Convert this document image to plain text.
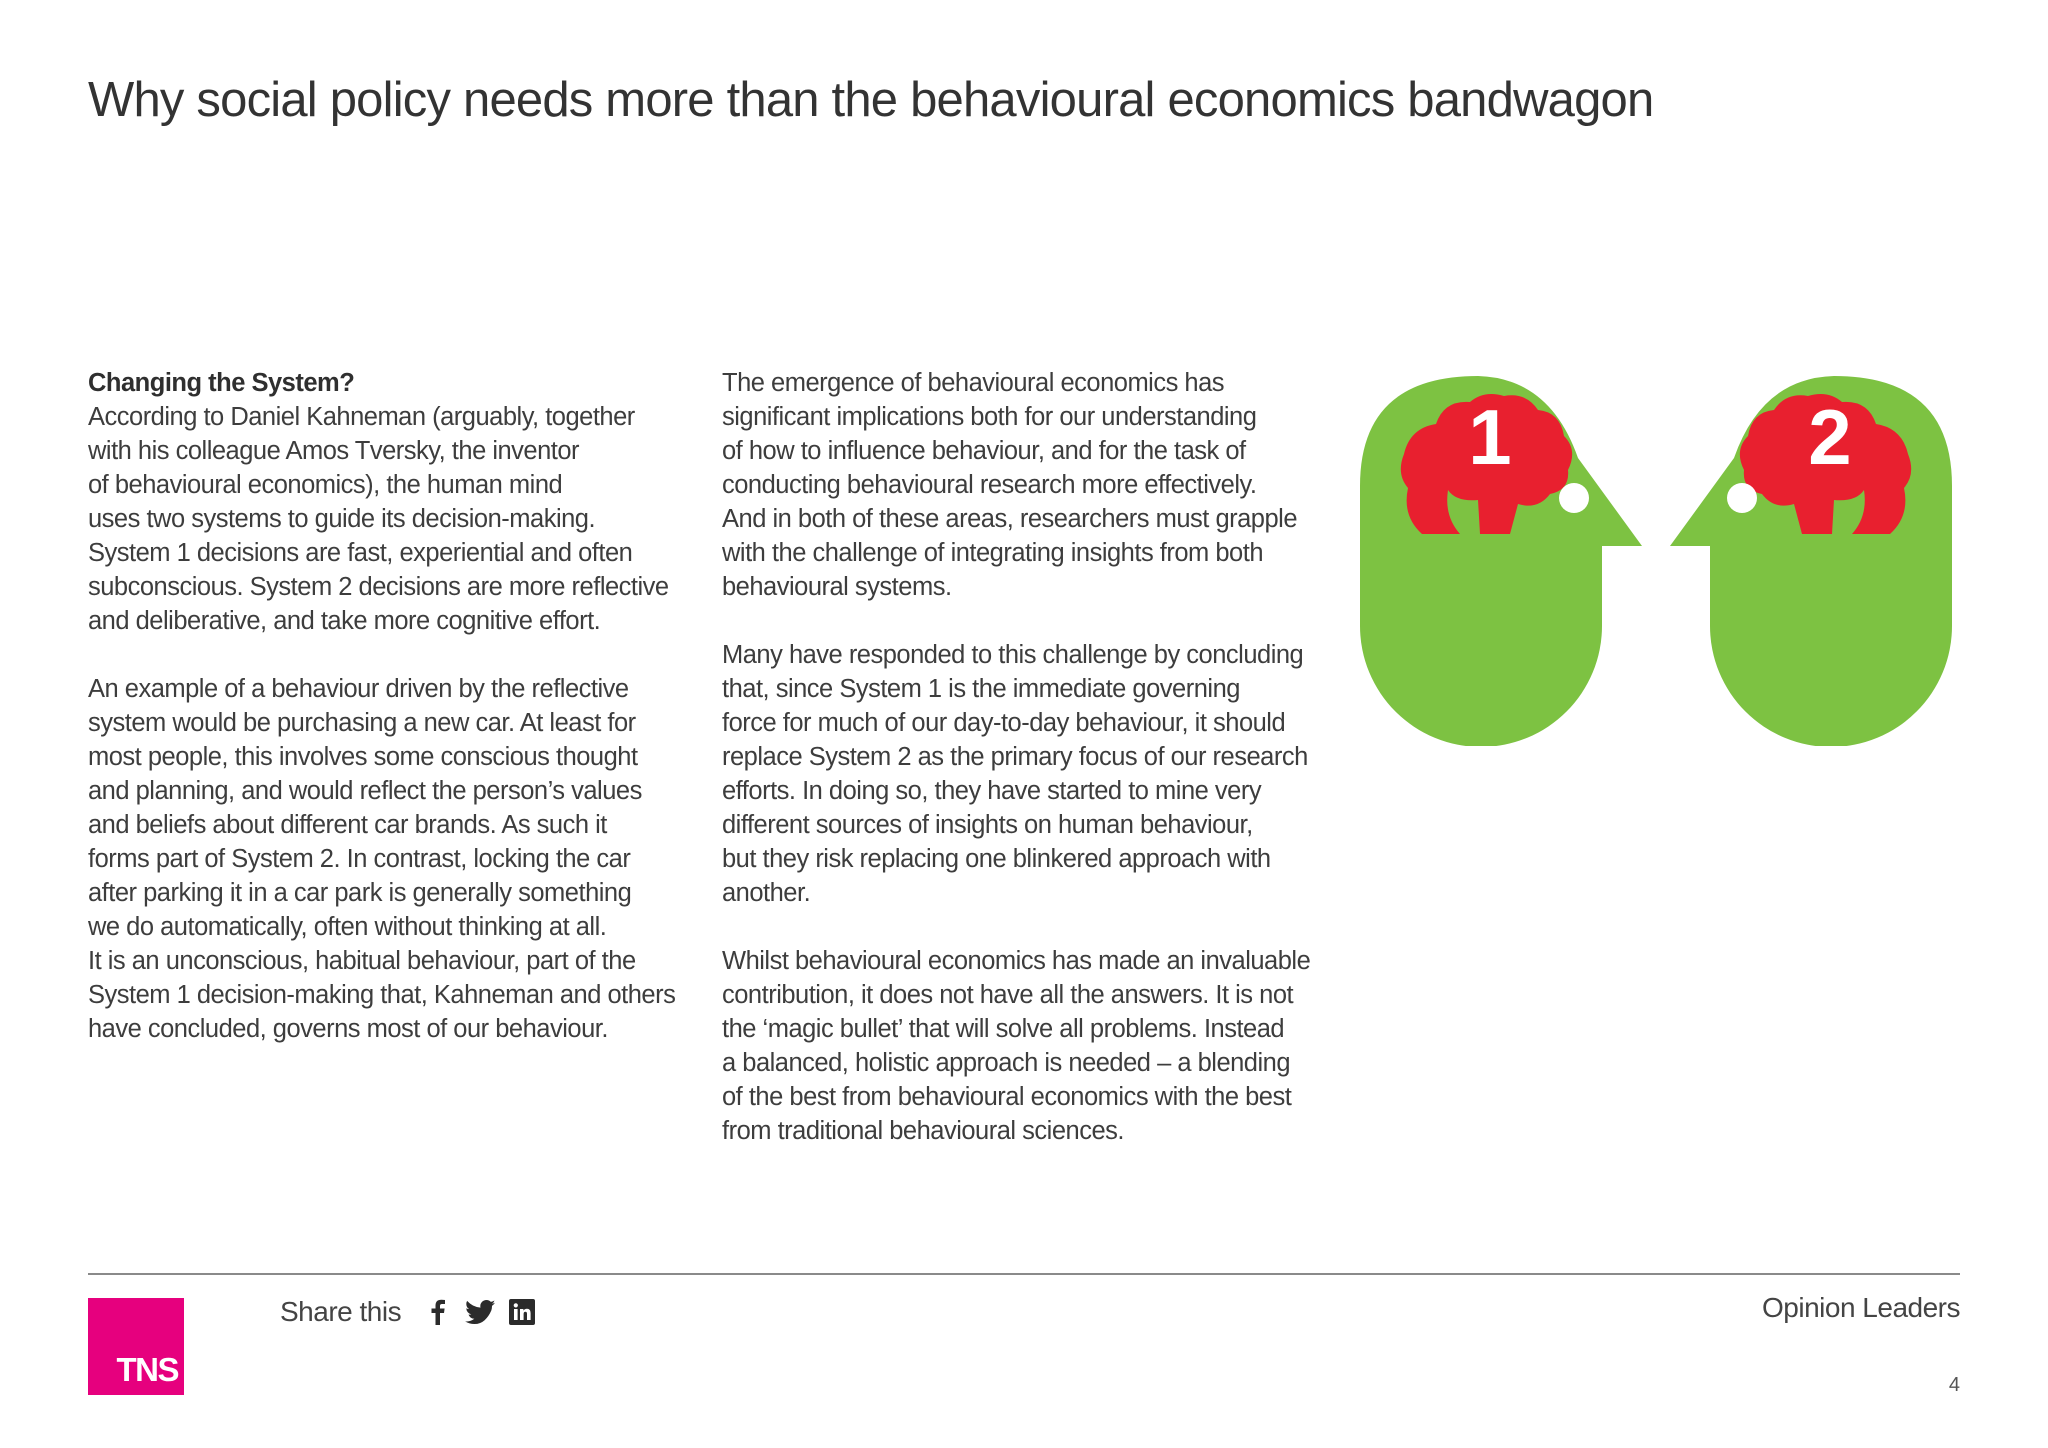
Why social policy needs more than the behavioural economics bandwagon

Changing the System?
According to Daniel Kahneman (arguably, together
with his colleague Amos Tversky, the inventor
of behavioural economics), the human mind
uses two systems to guide its decision-making.
System 1 decisions are fast, experiential and often
subconscious. System 2 decisions are more reflective
and deliberative, and take more cognitive effort.

An example of a behaviour driven by the reflective
system would be purchasing a new car. At least for
most people, this involves some conscious thought
and planning, and would reflect the person’s values
and beliefs about different car brands. As such it
forms part of System 2. In contrast, locking the car
after parking it in a car park is generally something
we do automatically, often without thinking at all.
It is an unconscious, habitual behaviour, part of the
System 1 decision-making that, Kahneman and others
have concluded, governs most of our behaviour.

The emergence of behavioural economics has
significant implications both for our understanding
of how to influence behaviour, and for the task of
conducting behavioural research more effectively.
And in both of these areas, researchers must grapple
with the challenge of integrating insights from both
behavioural systems.

Many have responded to this challenge by concluding
that, since System 1 is the immediate governing
force for much of our day-to-day behaviour, it should
replace System 2 as the primary focus of our research
efforts. In doing so, they have started to mine very
different sources of insights on human behaviour,
but they risk replacing one blinkered approach with
another.

Whilst behavioural economics has made an invaluable
contribution, it does not have all the answers. It is not
the ‘magic bullet’ that will solve all problems. Instead
a balanced, holistic approach is needed – a blending
of the best from behavioural economics with the best
from traditional behavioural sciences.

1	2
TNS
Share this	Opinion Leaders
4
